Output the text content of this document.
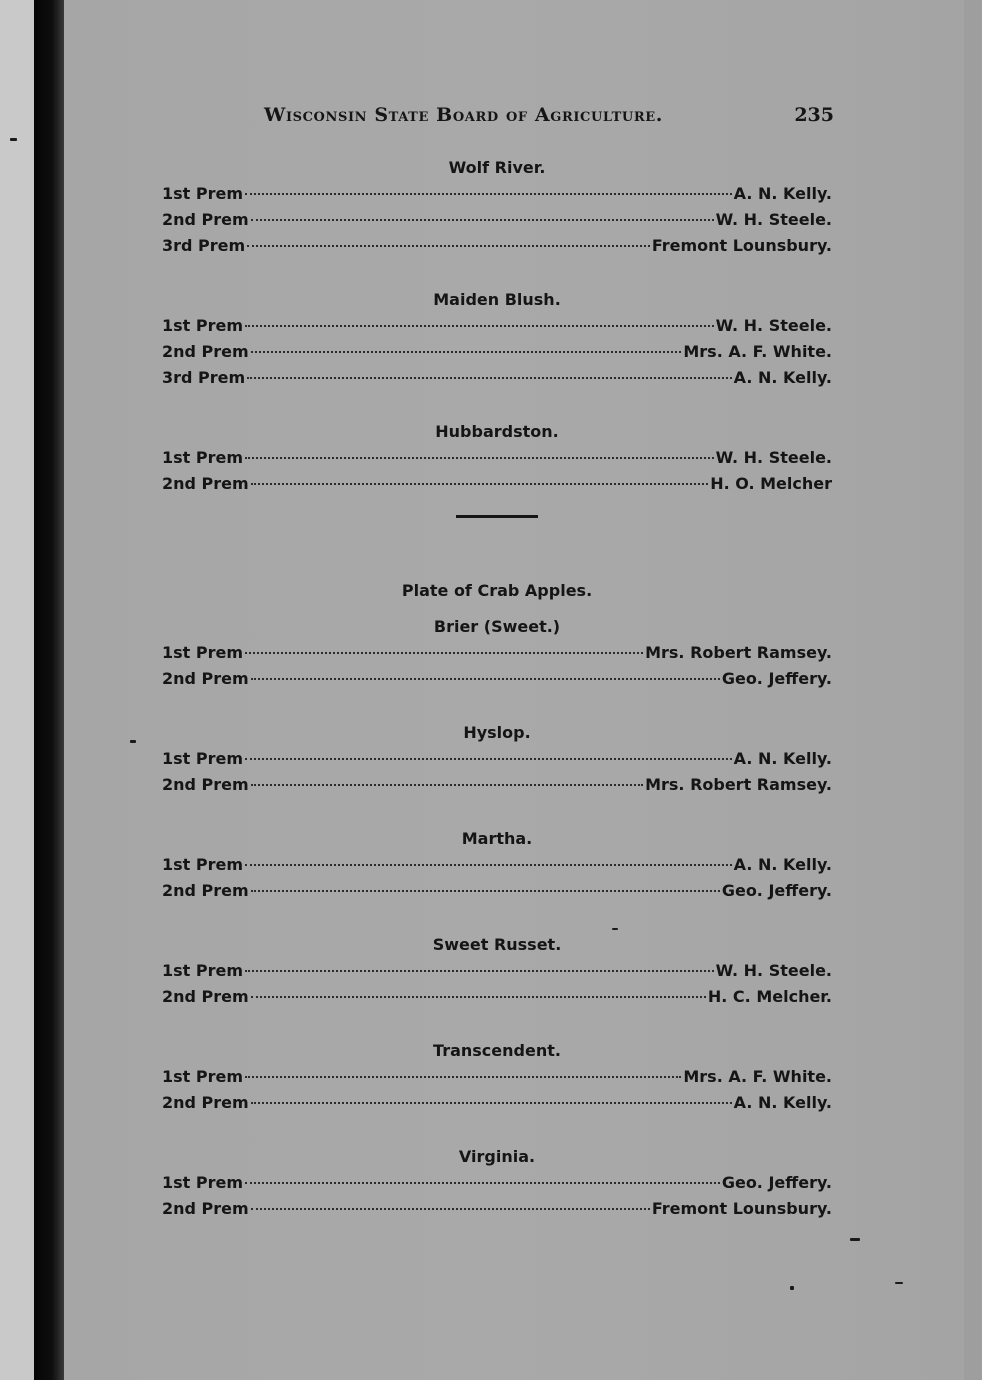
Wisconsin State Board of Agriculture.	235
Wolf River.
1st Prem	A. N. Kelly.
2nd Prem	W. H. Steele.
3rd Prem	Fremont Lounsbury.
Maiden Blush.
1st Prem	W. H. Steele.
2nd Prem	Mrs. A. F. White.
3rd Prem	A. N. Kelly.
Hubbardston.
1st Prem	W. H. Steele.
2nd Prem	H. O. Melcher
Plate of Crab Apples.
Brier (Sweet.)
1st Prem	Mrs. Robert Ramsey.
2nd Prem	Geo. Jeffery.
Hyslop.
1st Prem	A. N. Kelly.
2nd Prem	Mrs. Robert Ramsey.
Martha.
1st Prem	A. N. Kelly.
2nd Prem	Geo. Jeffery.
Sweet Russet.
1st Prem	W. H. Steele.
2nd Prem	H. C. Melcher.
Transcendent.
1st Prem	Mrs. A. F. White.
2nd Prem	A. N. Kelly.
Virginia.
1st Prem	Geo. Jeffery.
2nd Prem	Fremont Lounsbury.
